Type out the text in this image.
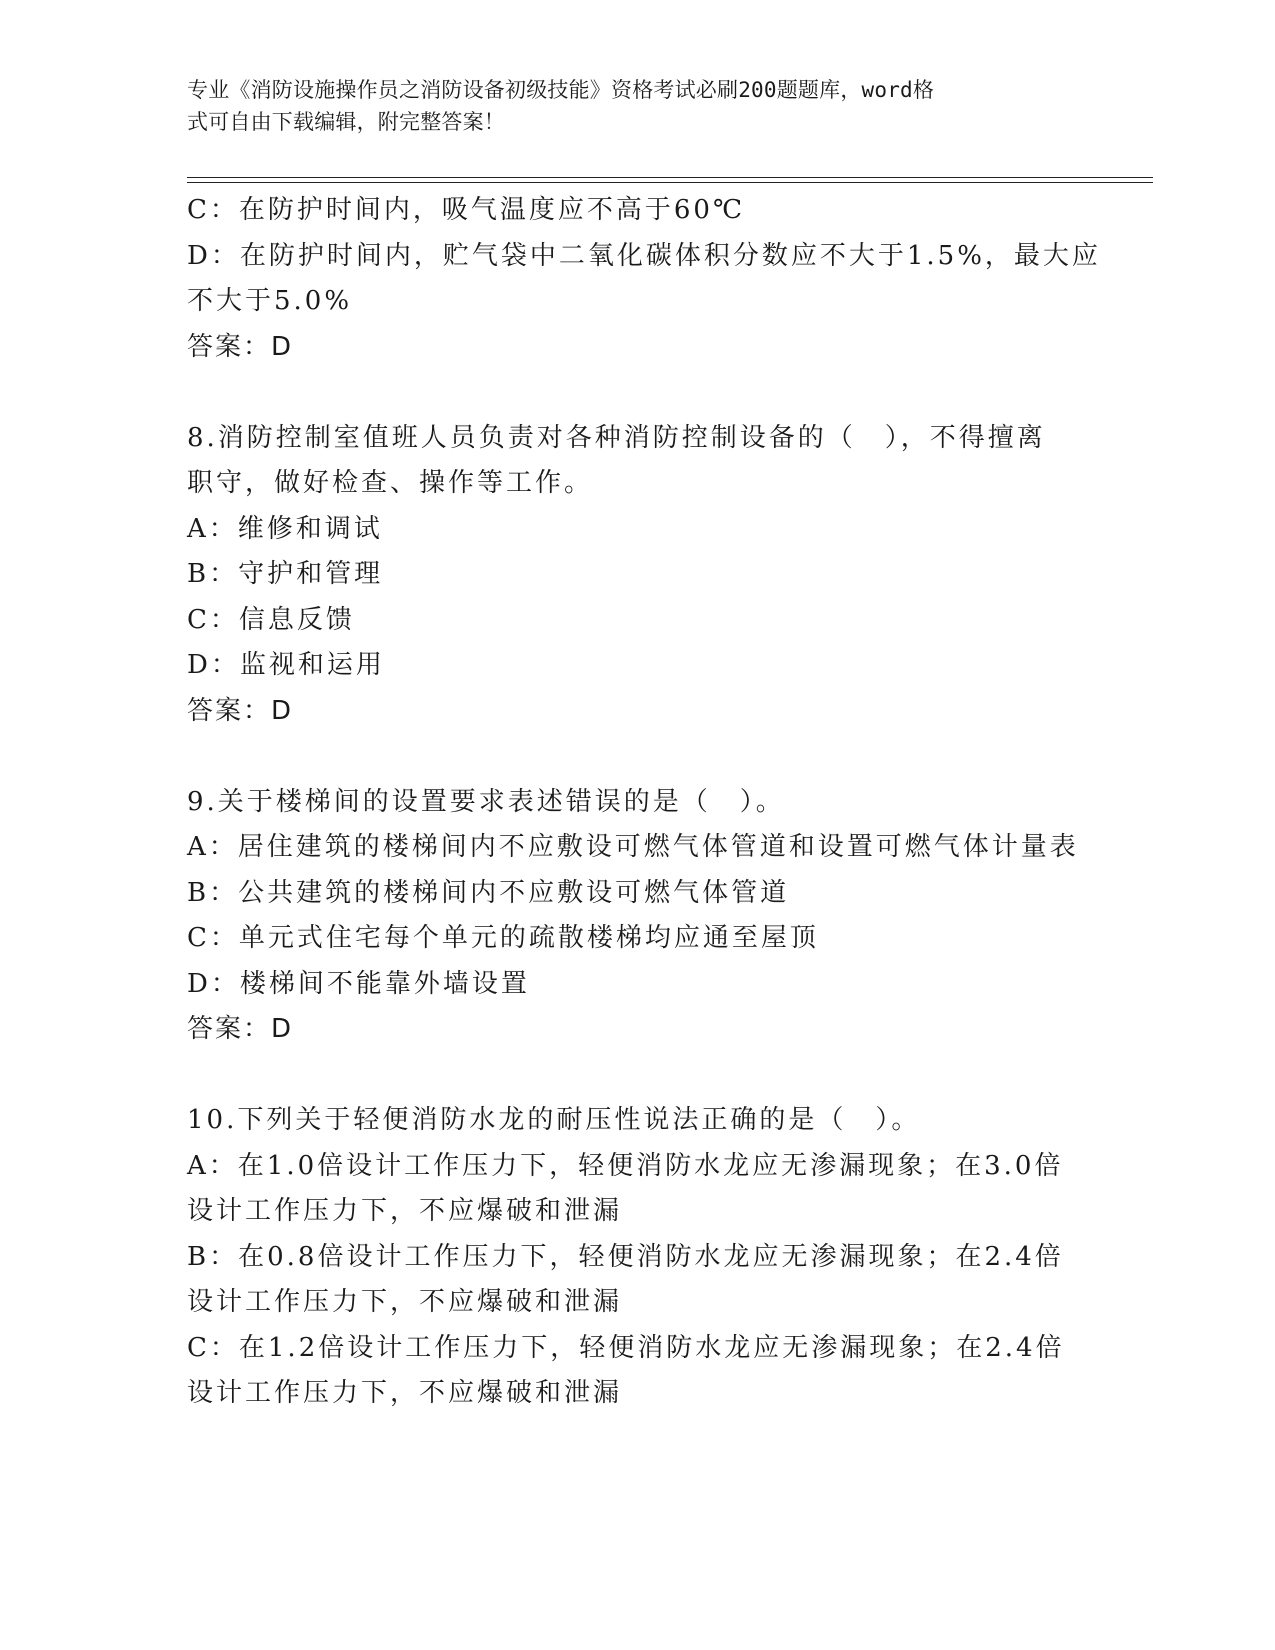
专业《消防设施操作员之消防设备初级技能》资格考试必刷200题题库，word格
式可自由下载编辑，附完整答案！
C：在防护时间内，吸气温度应不高于60℃
D：在防护时间内，贮气袋中二氧化碳体积分数应不大于1.5%，最大应
不大于5.0%
答案：D
8.消防控制室值班人员负责对各种消防控制设备的（　），不得擅离
职守，做好检查、操作等工作。
A：维修和调试
B：守护和管理
C：信息反馈
D：监视和运用
答案：D
9.关于楼梯间的设置要求表述错误的是（　）。
A：居住建筑的楼梯间内不应敷设可燃气体管道和设置可燃气体计量表
B：公共建筑的楼梯间内不应敷设可燃气体管道
C：单元式住宅每个单元的疏散楼梯均应通至屋顶
D：楼梯间不能靠外墙设置
答案：D
10.下列关于轻便消防水龙的耐压性说法正确的是（　）。
A：在1.0倍设计工作压力下，轻便消防水龙应无渗漏现象；在3.0倍
设计工作压力下，不应爆破和泄漏
B：在0.8倍设计工作压力下，轻便消防水龙应无渗漏现象；在2.4倍
设计工作压力下，不应爆破和泄漏
C：在1.2倍设计工作压力下，轻便消防水龙应无渗漏现象；在2.4倍
设计工作压力下，不应爆破和泄漏
